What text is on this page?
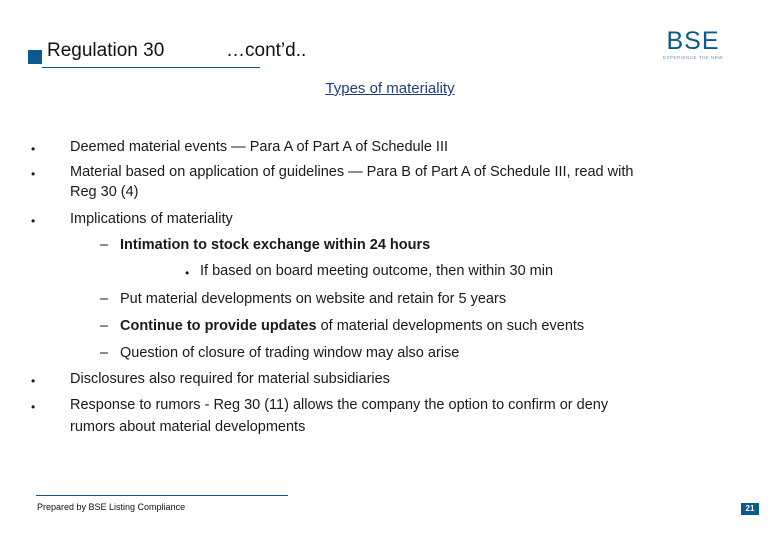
Regulation 30	…cont’d..	BSE
EXPERIENCE THE NEW
Types of materiality
• Deemed material events — Para A of Part A of Schedule III
• Material based on application of guidelines — Para B of Part A of Schedule III, read with
Reg 30 (4)
• Implications of materiality
– Intimation to stock exchange within 24 hours
• If based on board meeting outcome, then within 30 min
– Put material developments on website and retain for 5 years
– Continue to provide updates of material developments on such events
– Question of closure of trading window may also arise
• Disclosures also required for material subsidiaries
• Response to rumors - Reg 30 (11) allows the company the option to confirm or deny
rumors about material developments
Prepared by BSE Listing Compliance	21
